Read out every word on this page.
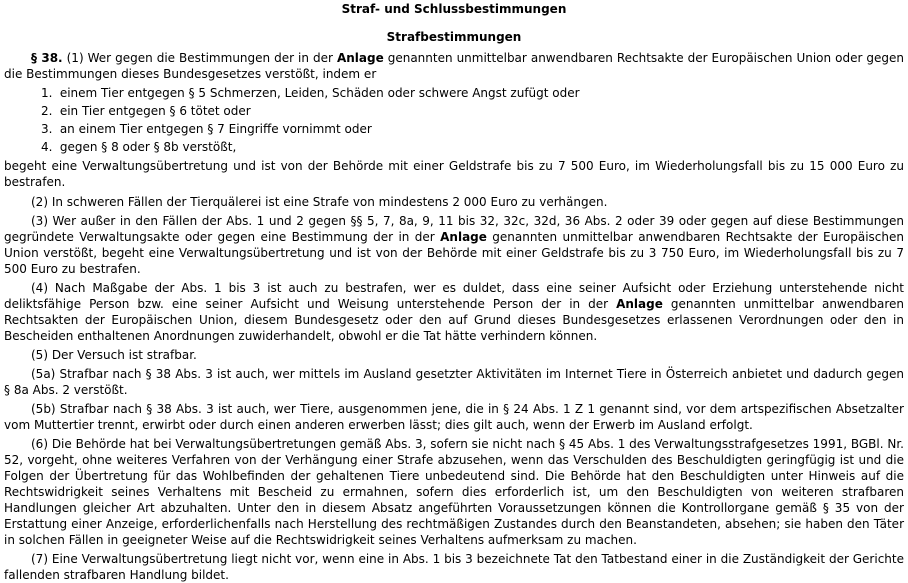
Straf- und Schlussbestimmungen
Strafbestimmungen

§ 38. (1) Wer gegen die Bestimmungen der in der Anlage genannten unmittelbar anwendbaren Rechtsakte der Europäischen Union oder gegen die Bestimmungen dieses Bundesgesetzes verstößt, indem er

1. einem Tier entgegen § 5 Schmerzen, Leiden, Schäden oder schwere Angst zufügt oder
2. ein Tier entgegen § 6 tötet oder
3. an einem Tier entgegen § 7 Eingriffe vornimmt oder
4. gegen § 8 oder § 8b verstößt,

begeht eine Verwaltungsübertretung und ist von der Behörde mit einer Geldstrafe bis zu 7 500 Euro, im Wiederholungsfall bis zu 15 000 Euro zu bestrafen.

(2) In schweren Fällen der Tierquälerei ist eine Strafe von mindestens 2 000 Euro zu verhängen.

(3) Wer außer in den Fällen der Abs. 1 und 2 gegen §§ 5, 7, 8a, 9, 11 bis 32, 32c, 32d, 36 Abs. 2 oder 39 oder gegen auf diese Bestimmungen gegründete Verwaltungsakte oder gegen eine Bestimmung der in der Anlage genannten unmittelbar anwendbaren Rechtsakte der Europäischen Union verstößt, begeht eine Verwaltungsübertretung und ist von der Behörde mit einer Geldstrafe bis zu 3 750 Euro, im Wiederholungsfall bis zu 7 500 Euro zu bestrafen.

(4) Nach Maßgabe der Abs. 1 bis 3 ist auch zu bestrafen, wer es duldet, dass eine seiner Aufsicht oder Erziehung unterstehende nicht deliktsfähige Person bzw. eine seiner Aufsicht und Weisung unterstehende Person der in der Anlage genannten unmittelbar anwendbaren Rechtsakten der Europäischen Union, diesem Bundesgesetz oder den auf Grund dieses Bundesgesetzes erlassenen Verordnungen oder den in Bescheiden enthaltenen Anordnungen zuwiderhandelt, obwohl er die Tat hätte verhindern können.

(5) Der Versuch ist strafbar.

(5a) Strafbar nach § 38 Abs. 3 ist auch, wer mittels im Ausland gesetzter Aktivitäten im Internet Tiere in Österreich anbietet und dadurch gegen § 8a Abs. 2 verstößt.

(5b) Strafbar nach § 38 Abs. 3 ist auch, wer Tiere, ausgenommen jene, die in § 24 Abs. 1 Z 1 genannt sind, vor dem artspezifischen Absetzalter vom Muttertier trennt, erwirbt oder durch einen anderen erwerben lässt; dies gilt auch, wenn der Erwerb im Ausland erfolgt.

(6) Die Behörde hat bei Verwaltungsübertretungen gemäß Abs. 3, sofern sie nicht nach § 45 Abs. 1 des Verwaltungsstrafgesetzes 1991, BGBl. Nr. 52, vorgeht, ohne weiteres Verfahren von der Verhängung einer Strafe abzusehen, wenn das Verschulden des Beschuldigten geringfügig ist und die Folgen der Übertretung für das Wohlbefinden der gehaltenen Tiere unbedeutend sind. Die Behörde hat den Beschuldigten unter Hinweis auf die Rechtswidrigkeit seines Verhaltens mit Bescheid zu ermahnen, sofern dies erforderlich ist, um den Beschuldigten von weiteren strafbaren Handlungen gleicher Art abzuhalten. Unter den in diesem Absatz angeführten Voraussetzungen können die Kontrollorgane gemäß § 35 von der Erstattung einer Anzeige, erforderlichenfalls nach Herstellung des rechtmäßigen Zustandes durch den Beanstandeten, absehen; sie haben den Täter in solchen Fällen in geeigneter Weise auf die Rechtswidrigkeit seines Verhaltens aufmerksam zu machen.

(7) Eine Verwaltungsübertretung liegt nicht vor, wenn eine in Abs. 1 bis 3 bezeichnete Tat den Tatbestand einer in die Zuständigkeit der Gerichte fallenden strafbaren Handlung bildet.
